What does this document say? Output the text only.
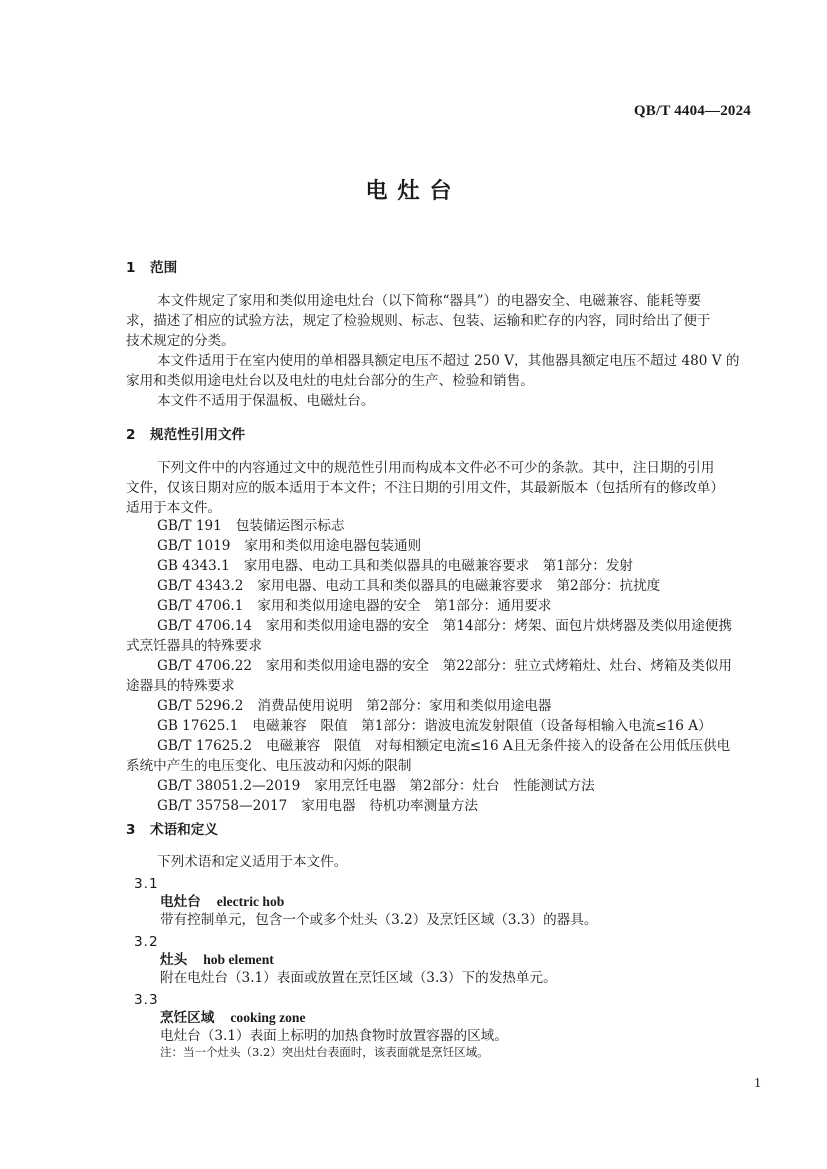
QB/T 4404—2024
电灶台
1 范围
本文件规定了家用和类似用途电灶台（以下简称“器具”）的电器安全、电磁兼容、能耗等要
求，描述了相应的试验方法，规定了检验规则、标志、包装、运输和贮存的内容，同时给出了便于
技术规定的分类。
本文件适用于在室内使用的单相器具额定电压不超过 250 V，其他器具额定电压不超过 480 V 的
家用和类似用途电灶台以及电灶的电灶台部分的生产、检验和销售。
本文件不适用于保温板、电磁灶台。
2 规范性引用文件
下列文件中的内容通过文中的规范性引用而构成本文件必不可少的条款。其中，注日期的引用
文件，仅该日期对应的版本适用于本文件；不注日期的引用文件，其最新版本（包括所有的修改单）
适用于本文件。
GB/T 191 包装储运图示标志
GB/T 1019 家用和类似用途电器包装通则
GB 4343.1 家用电器、电动工具和类似器具的电磁兼容要求　第1部分：发射
GB/T 4343.2 家用电器、电动工具和类似器具的电磁兼容要求　第2部分：抗扰度
GB/T 4706.1 家用和类似用途电器的安全　第1部分：通用要求
GB/T 4706.14 家用和类似用途电器的安全　第14部分：烤架、面包片烘烤器及类似用途便携
式烹饪器具的特殊要求
GB/T 4706.22 家用和类似用途电器的安全　第22部分：驻立式烤箱灶、灶台、烤箱及类似用
途器具的特殊要求
GB/T 5296.2 消费品使用说明　第2部分：家用和类似用途电器
GB 17625.1 电磁兼容　限值　第1部分：谐波电流发射限值（设备每相输入电流≤16 A）
GB/T 17625.2 电磁兼容　限值　对每相额定电流≤16 A且无条件接入的设备在公用低压供电
系统中产生的电压变化、电压波动和闪烁的限制
GB/T 38051.2—2019 家用烹饪电器　第2部分：灶台　性能测试方法
GB/T 35758—2017 家用电器　待机功率测量方法
3 术语和定义
下列术语和定义适用于本文件。
3.1
电灶台 electric hob
带有控制单元，包含一个或多个灶头（3.2）及烹饪区域（3.3）的器具。
3.2
灶头 hob element
附在电灶台（3.1）表面或放置在烹饪区域（3.3）下的发热单元。
3.3
烹饪区域 cooking zone
电灶台（3.1）表面上标明的加热食物时放置容器的区域。
注：当一个灶头（3.2）突出灶台表面时，该表面就是烹饪区域。
1
